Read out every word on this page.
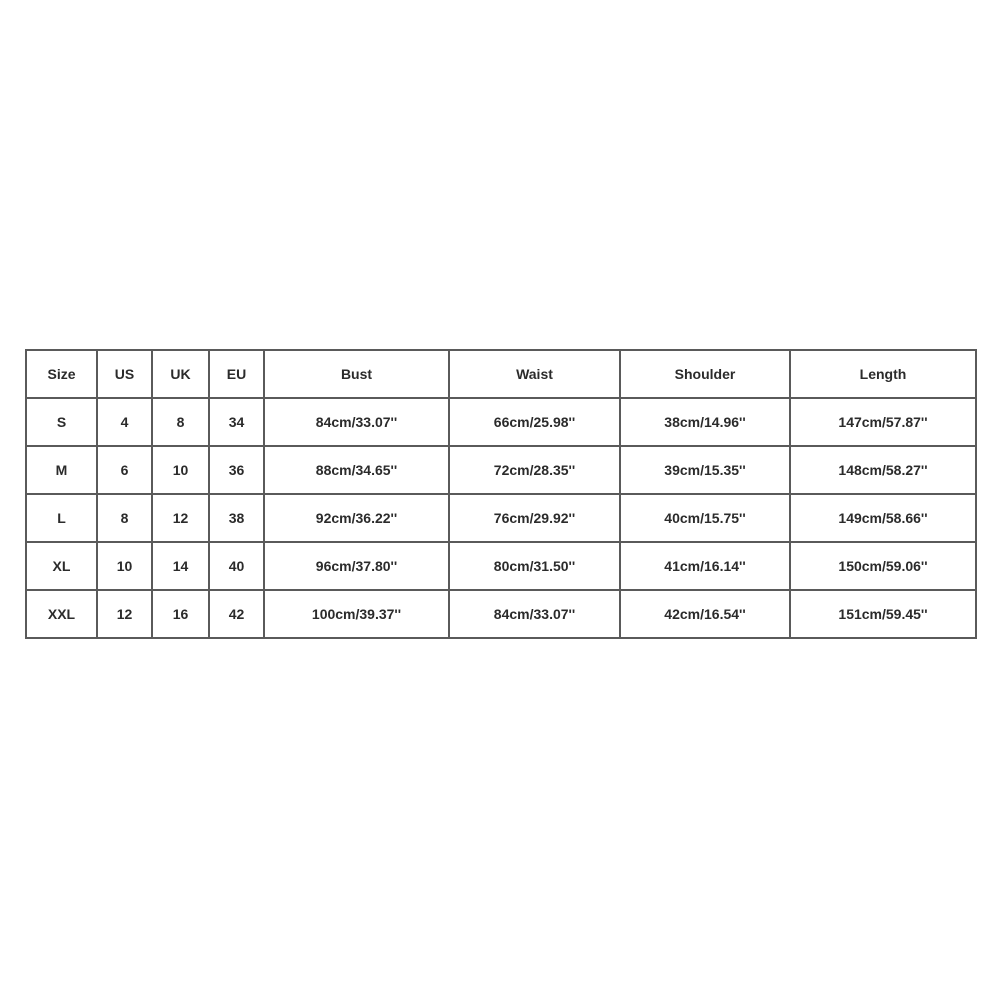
Size	US	UK	EU	Bust	Waist	Shoulder	Length
S	4	8	34	84cm/33.07''	66cm/25.98''	38cm/14.96''	147cm/57.87''
M	6	10	36	88cm/34.65''	72cm/28.35''	39cm/15.35''	148cm/58.27''
L	8	12	38	92cm/36.22''	76cm/29.92''	40cm/15.75''	149cm/58.66''
XL	10	14	40	96cm/37.80''	80cm/31.50''	41cm/16.14''	150cm/59.06''
XXL	12	16	42	100cm/39.37''	84cm/33.07''	42cm/16.54''	151cm/59.45''
